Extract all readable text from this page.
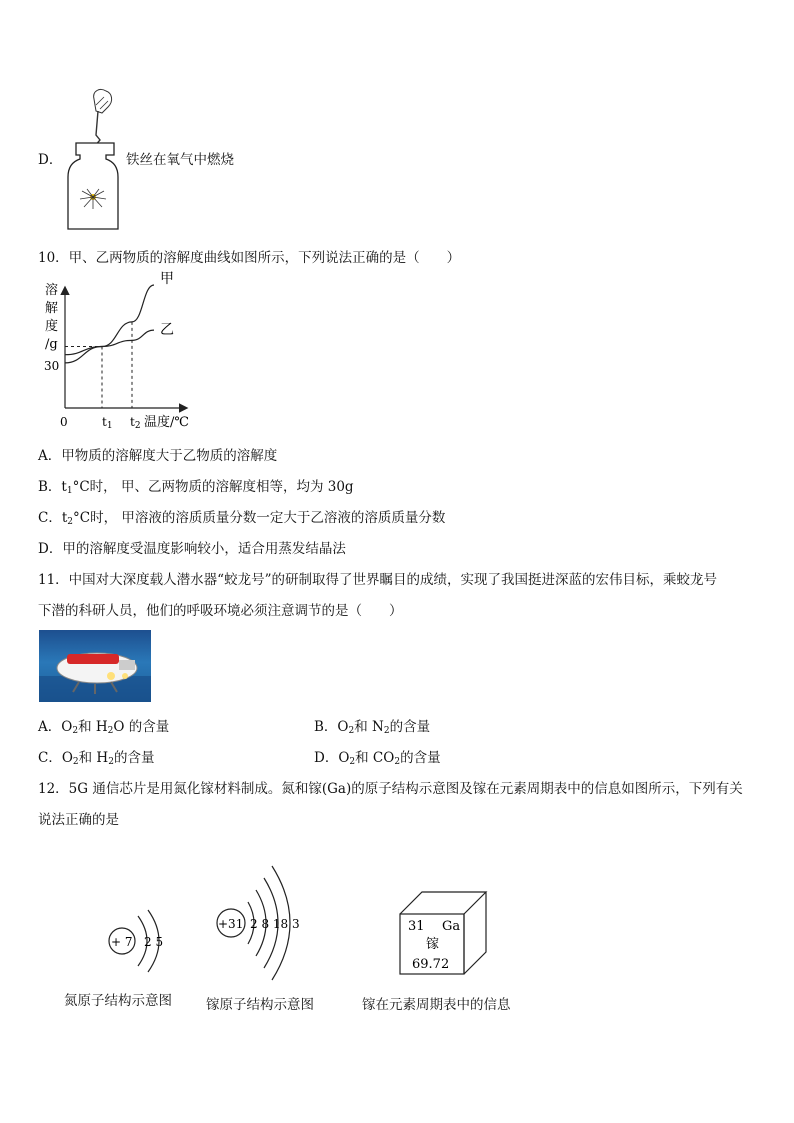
D．	铁丝在氧气中燃烧
10．甲、乙两物质的溶解度曲线如图所示，下列说法正确的是（　　）
溶
解
度
/g
温度/℃
0
30
t1 t2
甲
乙
A．甲物质的溶解度大于乙物质的溶解度
B．$t_1^\circ C$时， 甲、乙两物质的溶解度相等，均为 30g
C．$t_2^\circ C$时， 甲溶液的溶质质量分数一定大于乙溶液的溶质质量分数
D．甲的溶解度受温度影响较小，适合用蒸发结晶法
11．中国对大深度载人潜水器“蛟龙号”的研制取得了世界瞩目的成绩，实现了我国挺进深蓝的宏伟目标，乘蛟龙号
下潜的科研人员，他们的呼吸环境必须注意调节的是（　　）
A．$O_2$和 $H_2O$ 的含量	B．$O_2$和 $N_2$的含量
C．$O_2$和 $H_2$的含量	D．$O_2$和 $CO_2$的含量
12．5G 通信芯片是用氮化镓材料制成。氮和镓(Ga)的原子结构示意图及镓在元素周期表中的信息如图所示，下列有关
说法正确的是
+ 7 2 5
氮原子结构示意图
+31 2 8 18 3
镓原子结构示意图
31 Ga
镓
69.72
镓在元素周期表中的信息
